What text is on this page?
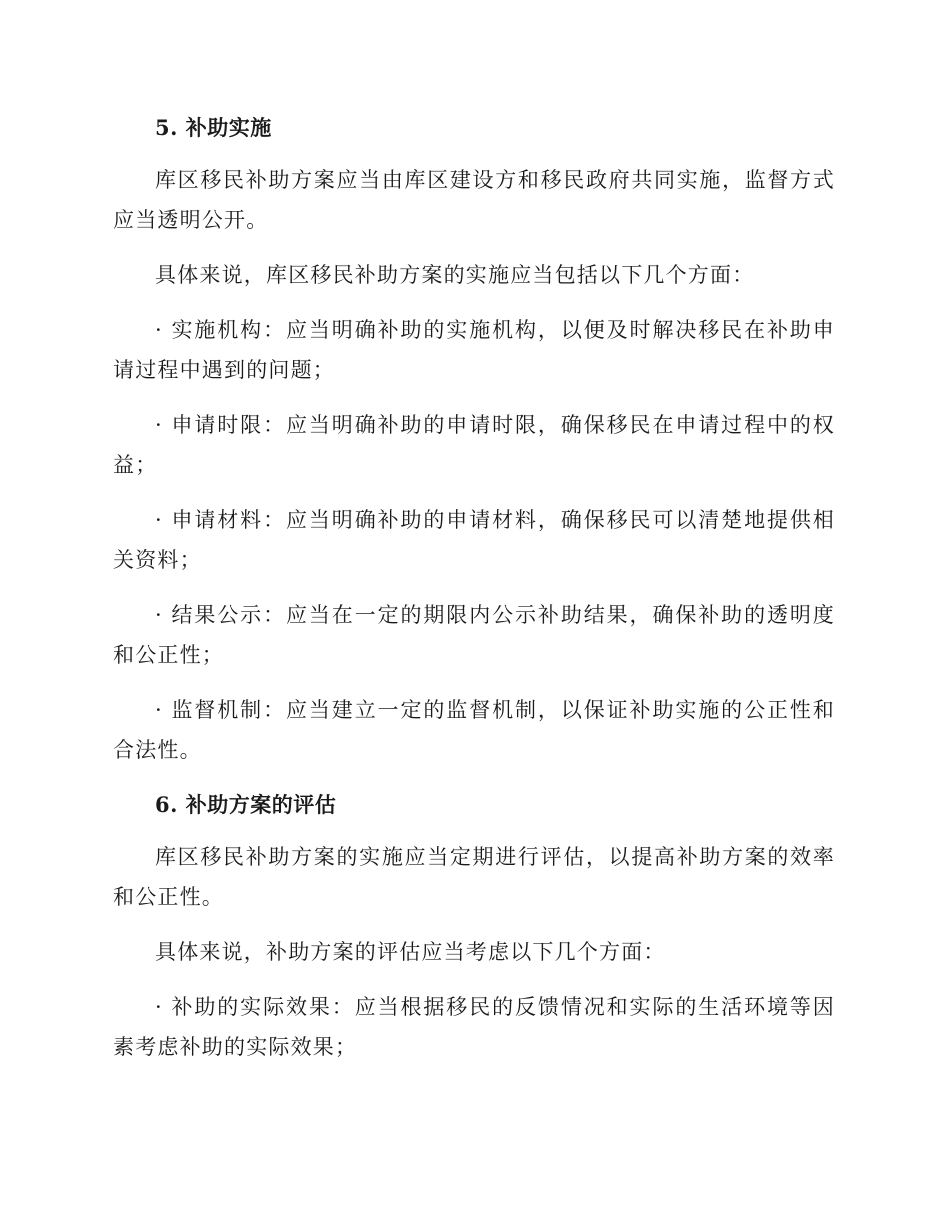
5. 补助实施

库区移民补助方案应当由库区建设方和移民政府共同实施，监督方式应当透明公开。

具体来说，库区移民补助方案的实施应当包括以下几个方面：

· 实施机构：应当明确补助的实施机构，以便及时解决移民在补助申请过程中遇到的问题；

· 申请时限：应当明确补助的申请时限，确保移民在申请过程中的权益；

· 申请材料：应当明确补助的申请材料，确保移民可以清楚地提供相关资料；

· 结果公示：应当在一定的期限内公示补助结果，确保补助的透明度和公正性；

· 监督机制：应当建立一定的监督机制，以保证补助实施的公正性和合法性。

6. 补助方案的评估

库区移民补助方案的实施应当定期进行评估，以提高补助方案的效率和公正性。

具体来说，补助方案的评估应当考虑以下几个方面：

· 补助的实际效果：应当根据移民的反馈情况和实际的生活环境等因素考虑补助的实际效果；
